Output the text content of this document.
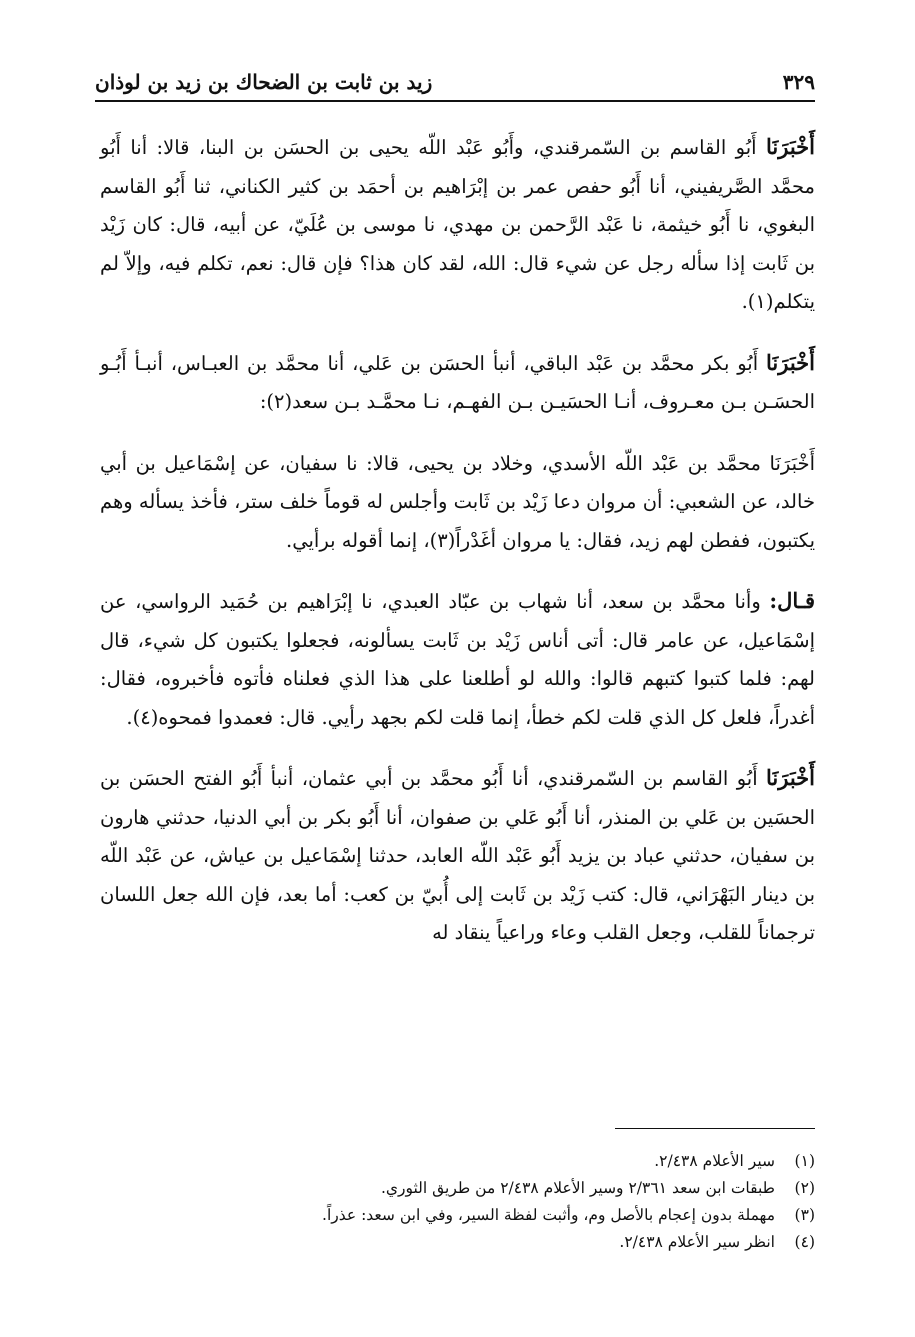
زيد بن ثابت بن الضحاك بن زيد بن لوذان	٣٢٩

أَخْبَرَنَا أَبُو القاسم بن السّمرقندي، وأَبُو عَبْد اللّه يحيى بن الحسَن بن البنا، قالا: أنا أَبُو محمَّد الصَّريفيني، أنا أَبُو حفص عمر بن إبْرَاهيم بن أحمَد بن كثير الكناني، ثنا أَبُو القاسم البغوي، نا أَبُو خيثمة، نا عَبْد الرَّحمن بن مهدي، نا موسى بن عُلَيّ، عن أبيه، قال: كان زَيْد بن ثَابت إذا سأله رجل عن شيء قال: الله، لقد كان هذا؟ فإن قال: نعم، تكلم فيه، وإلاّ لم يتكلم(١).

أَخْبَرَنَا أَبُو بكر محمَّد بن عَبْد الباقي، أنبأ الحسَن بن عَلي، أنا محمَّد بن العبـاس، أنبـأ أَبُـو الحسَـن بـن معـروف، أنـا الحسَيـن بـن الفهـم، نـا محمَّـد بـن سعد(٢):

أَخْبَرَنَا محمَّد بن عَبْد اللّه الأسدي، وخلاد بن يحيى، قالا: نا سفيان، عن إسْمَاعيل بن أبي خالد، عن الشعبي: أن مروان دعا زَيْد بن ثَابت وأجلس له قوماً خلف ستر، فأخذ يسأله وهم يكتبون، ففطن لهم زيد، فقال: يا مروان أغَدْراً(٣)، إنما أقوله برأيي.

قـال: وأنا محمَّد بن سعد، أنا شهاب بن عبّاد العبدي، نا إبْرَاهيم بن حُمَيد الرواسي، عن إسْمَاعيل، عن عامر قال: أتى أناس زَيْد بن ثَابت يسألونه، فجعلوا يكتبون كل شيء، قال لهم: فلما كتبوا كتبهم قالوا: والله لو أطلعنا على هذا الذي فعلناه فأتوه فأخبروه، فقال: أغدراً، فلعل كل الذي قلت لكم خطأ، إنما قلت لكم بجهد رأيي. قال: فعمدوا فمحوه(٤).

أَخْبَرَنَا أَبُو القاسم بن السّمرقندي، أنا أَبُو محمَّد بن أبي عثمان، أنبأ أَبُو الفتح الحسَن بن الحسَين بن عَلي بن المنذر، أنا أَبُو عَلي بن صفوان، أنا أَبُو بكر بن أبي الدنيا، حدثني هارون بن سفيان، حدثني عباد بن يزيد أَبُو عَبْد اللّه العابد، حدثنا إسْمَاعيل بن عياش، عن عَبْد اللّه بن دينار البَهْرَاني، قال: كتب زَيْد بن ثَابت إلى أُبيّ بن كعب: أما بعد، فإن الله جعل اللسان ترجماناً للقلب، وجعل القلب وعاء وراعياً ينقاد له

(١)
سير الأعلام ٢/٤٣٨.
(٢)
طبقات ابن سعد ٢/٣٦١ وسير الأعلام ٢/٤٣٨ من طريق الثوري.
(٣)
مهملة بدون إعجام بالأصل وم، وأثبت لفظة السير، وفي ابن سعد: عذراً.
(٤)
انظر سير الأعلام ٢/٤٣٨.
